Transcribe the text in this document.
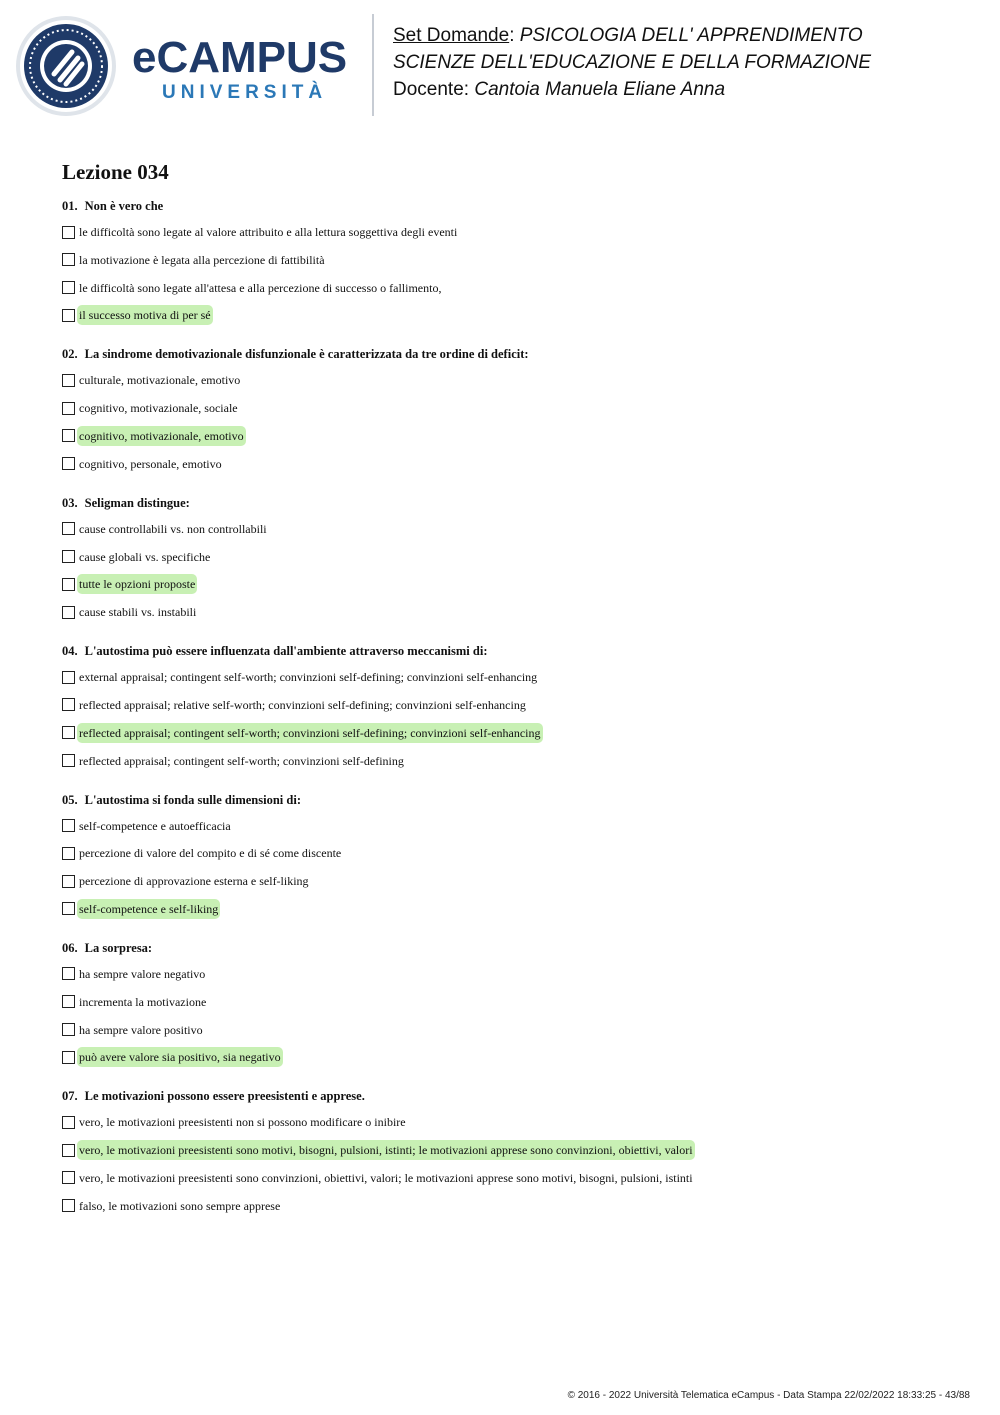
eCAMPUS
UNIVERSITÀ
Set Domande: PSICOLOGIA DELL' APPRENDIMENTO
SCIENZE DELL'EDUCAZIONE E DELLA FORMAZIONE
Docente: Cantoia Manuela Eliane Anna
Lezione 034
01. Non è vero che
le difficoltà sono legate al valore attribuito e alla lettura soggettiva degli eventi
la motivazione è legata alla percezione di fattibilità
le difficoltà sono legate all'attesa e alla percezione di successo o fallimento,
il successo motiva di per sé
02. La sindrome demotivazionale disfunzionale è caratterizzata da tre ordine di deficit:
culturale, motivazionale, emotivo
cognitivo, motivazionale, sociale
cognitivo, motivazionale, emotivo
cognitivo, personale, emotivo
03. Seligman distingue:
cause controllabili vs. non controllabili
cause globali vs. specifiche
tutte le opzioni proposte
cause stabili vs. instabili
04. L'autostima può essere influenzata dall'ambiente attraverso meccanismi di:
external appraisal; contingent self-worth; convinzioni self-defining; convinzioni self-enhancing
reflected appraisal; relative self-worth; convinzioni self-defining; convinzioni self-enhancing
reflected appraisal; contingent self-worth; convinzioni self-defining; convinzioni self-enhancing
reflected appraisal; contingent self-worth; convinzioni self-defining
05. L'autostima si fonda sulle dimensioni di:
self-competence e autoefficacia
percezione di valore del compito e di sé come discente
percezione di approvazione esterna e self-liking
self-competence e self-liking
06. La sorpresa:
ha sempre valore negativo
incrementa la motivazione
ha sempre valore positivo
può avere valore sia positivo, sia negativo
07. Le motivazioni possono essere preesistenti e apprese.
vero, le motivazioni preesistenti non si possono modificare o inibire
vero, le motivazioni preesistenti sono motivi, bisogni, pulsioni, istinti; le motivazioni apprese sono convinzioni, obiettivi, valori
vero, le motivazioni preesistenti sono convinzioni, obiettivi, valori; le motivazioni apprese sono motivi, bisogni, pulsioni, istinti
falso, le motivazioni sono sempre apprese
© 2016 - 2022 Università Telematica eCampus - Data Stampa 22/02/2022 18:33:25 - 43/88
